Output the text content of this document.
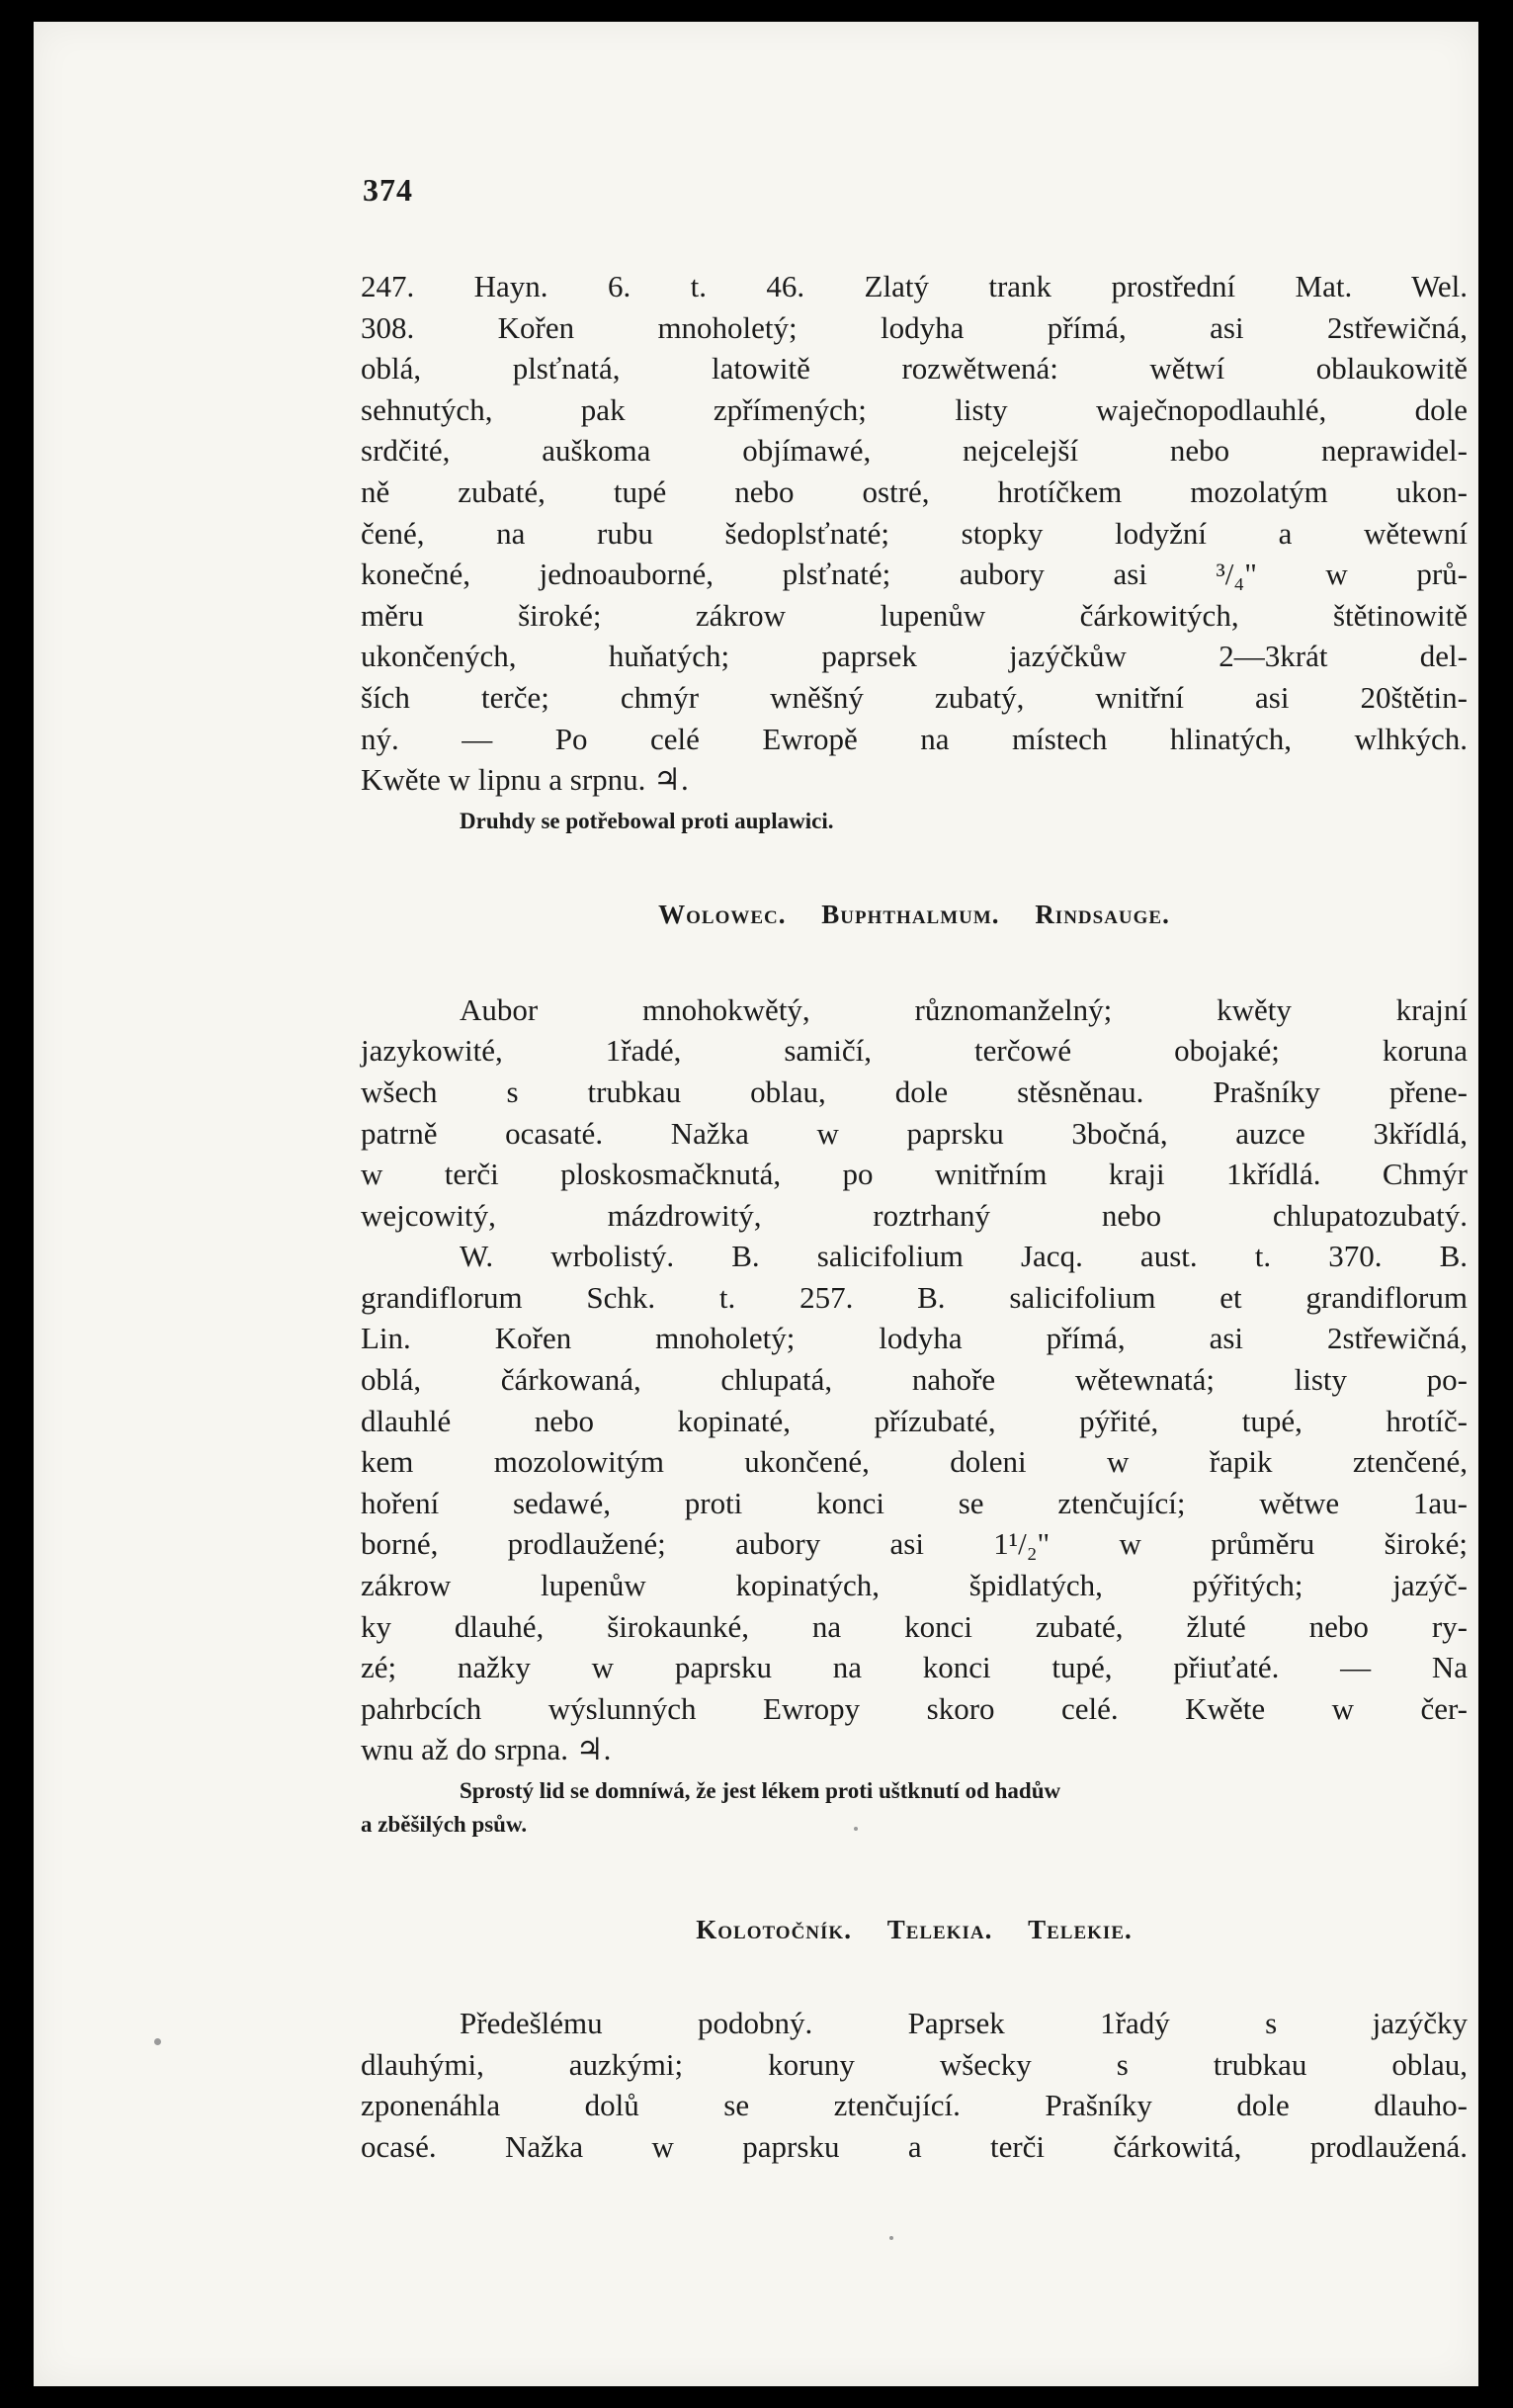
374
247. Hayn. 6. t. 46. Zlatý trank prostřední Mat. Wel.
308. Kořen mnoholetý; lodyha přímá, asi 2střewičná,
oblá, plsťnatá, latowitě rozwětwená: wětwí oblaukowitě
sehnutých, pak zpřímených; listy waječnopodlauhlé, dole
srdčité, auškoma objímawé, nejcelejší nebo neprawidel-
ně zubaté, tupé nebo ostré, hrotíčkem mozolatým ukon-
čené, na rubu šedoplsťnaté; stopky lodyžní a wětewní
konečné, jednoauborné, plsťnaté; aubory asi ³/₄" w prů-
měru široké; zákrow lupenůw čárkowitých, štětinowitě
ukončených, huňatých; paprsek jazýčkůw 2—3krát del-
ších terče; chmýr wněšný zubatý, wnitřní asi 20štětin-
ný. — Po celé Ewropě na místech hlinatých, wlhkých.
Kwěte w lipnu a srpnu. ♃.
Druhdy se potřebowal proti auplawici.
Wolowec. Buphthalmum. Rindsauge.
Aubor mnohokwětý, různomanželný; kwěty krajní
jazykowité, 1řadé, samičí, terčowé obojaké; koruna
wšech s trubkau oblau, dole stěsněnau. Prašníky přene-
patrně ocasaté. Nažka w paprsku 3bočná, auzce 3křídlá,
w terči ploskosmačknutá, po wnitřním kraji 1křídlá. Chmýr
wejcowitý, mázdrowitý, roztrhaný nebo chlupatozubatý.
W. wrbolistý. B. salicifolium Jacq. aust. t. 370. B.
grandiflorum Schk. t. 257. B. salicifolium et grandiflorum
Lin. Kořen mnoholetý; lodyha přímá, asi 2střewičná,
oblá, čárkowaná, chlupatá, nahoře wětewnatá; listy po-
dlauhlé nebo kopinaté, přízubaté, pýřité, tupé, hrotíč-
kem mozolowitým ukončené, doleni w řapik ztenčené,
hoření sedawé, proti konci se ztenčující; wětwe 1au-
borné, prodlaužené; aubory asi 1¹/₂" w průměru široké;
zákrow lupenůw kopinatých, špidlatých, pýřitých; jazýč-
ky dlauhé, širokaunké, na konci zubaté, žluté nebo ry-
zé; nažky w paprsku na konci tupé, přiuťaté. — Na
pahrbcích wýslunných Ewropy skoro celé. Kwěte w čer-
wnu až do srpna. ♃.
Sprostý lid se domníwá, že jest lékem proti uštknutí od hadůw
a zběšilých psůw.
Kolotočník. Telekia. Telekie.
Předešlému podobný. Paprsek 1řadý s jazýčky
dlauhými, auzkými; koruny wšecky s trubkau oblau,
zponenáhla dolů se ztenčující. Prašníky dole dlauho-
ocasé. Nažka w paprsku a terči čárkowitá, prodlaužená.
